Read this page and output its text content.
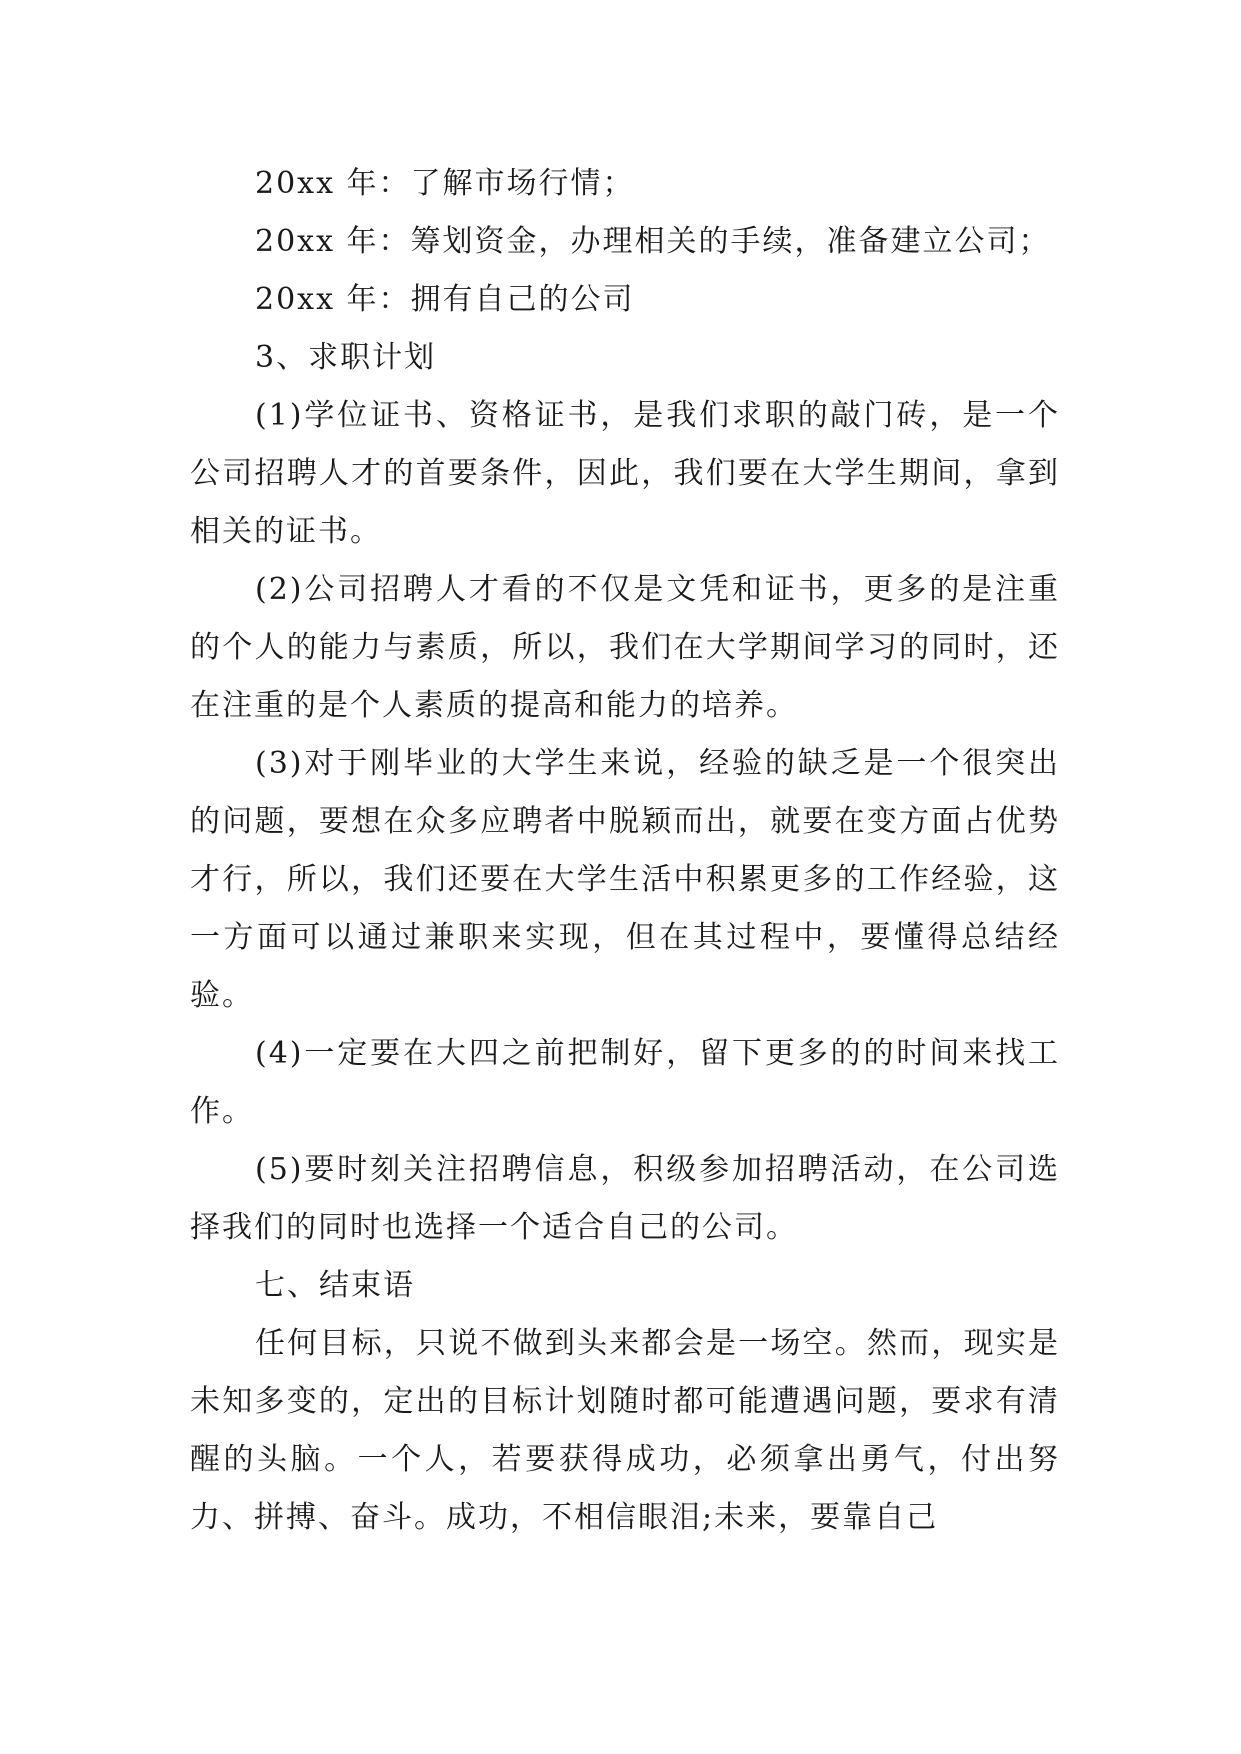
20xx 年：了解市场行情；

20xx 年：筹划资金，办理相关的手续，准备建立公司；

20xx 年：拥有自己的公司

3、求职计划

(1)学位证书、资格证书，是我们求职的敲门砖，是一个公司招聘人才的首要条件，因此，我们要在大学生期间，拿到相关的证书。

(2)公司招聘人才看的不仅是文凭和证书，更多的是注重的个人的能力与素质，所以，我们在大学期间学习的同时，还在注重的是个人素质的提高和能力的培养。

(3)对于刚毕业的大学生来说，经验的缺乏是一个很突出的问题，要想在众多应聘者中脱颖而出，就要在变方面占优势才行，所以，我们还要在大学生活中积累更多的工作经验，这一方面可以通过兼职来实现，但在其过程中，要懂得总结经验。

(4)一定要在大四之前把制好，留下更多的的时间来找工作。

(5)要时刻关注招聘信息，积级参加招聘活动，在公司选择我们的同时也选择一个适合自己的公司。

七、结束语

任何目标，只说不做到头来都会是一场空。然而，现实是未知多变的，定出的目标计划随时都可能遭遇问题，要求有清醒的头脑。一个人，若要获得成功，必须拿出勇气，付出努力、拼搏、奋斗。成功，不相信眼泪;未来，要靠自己
